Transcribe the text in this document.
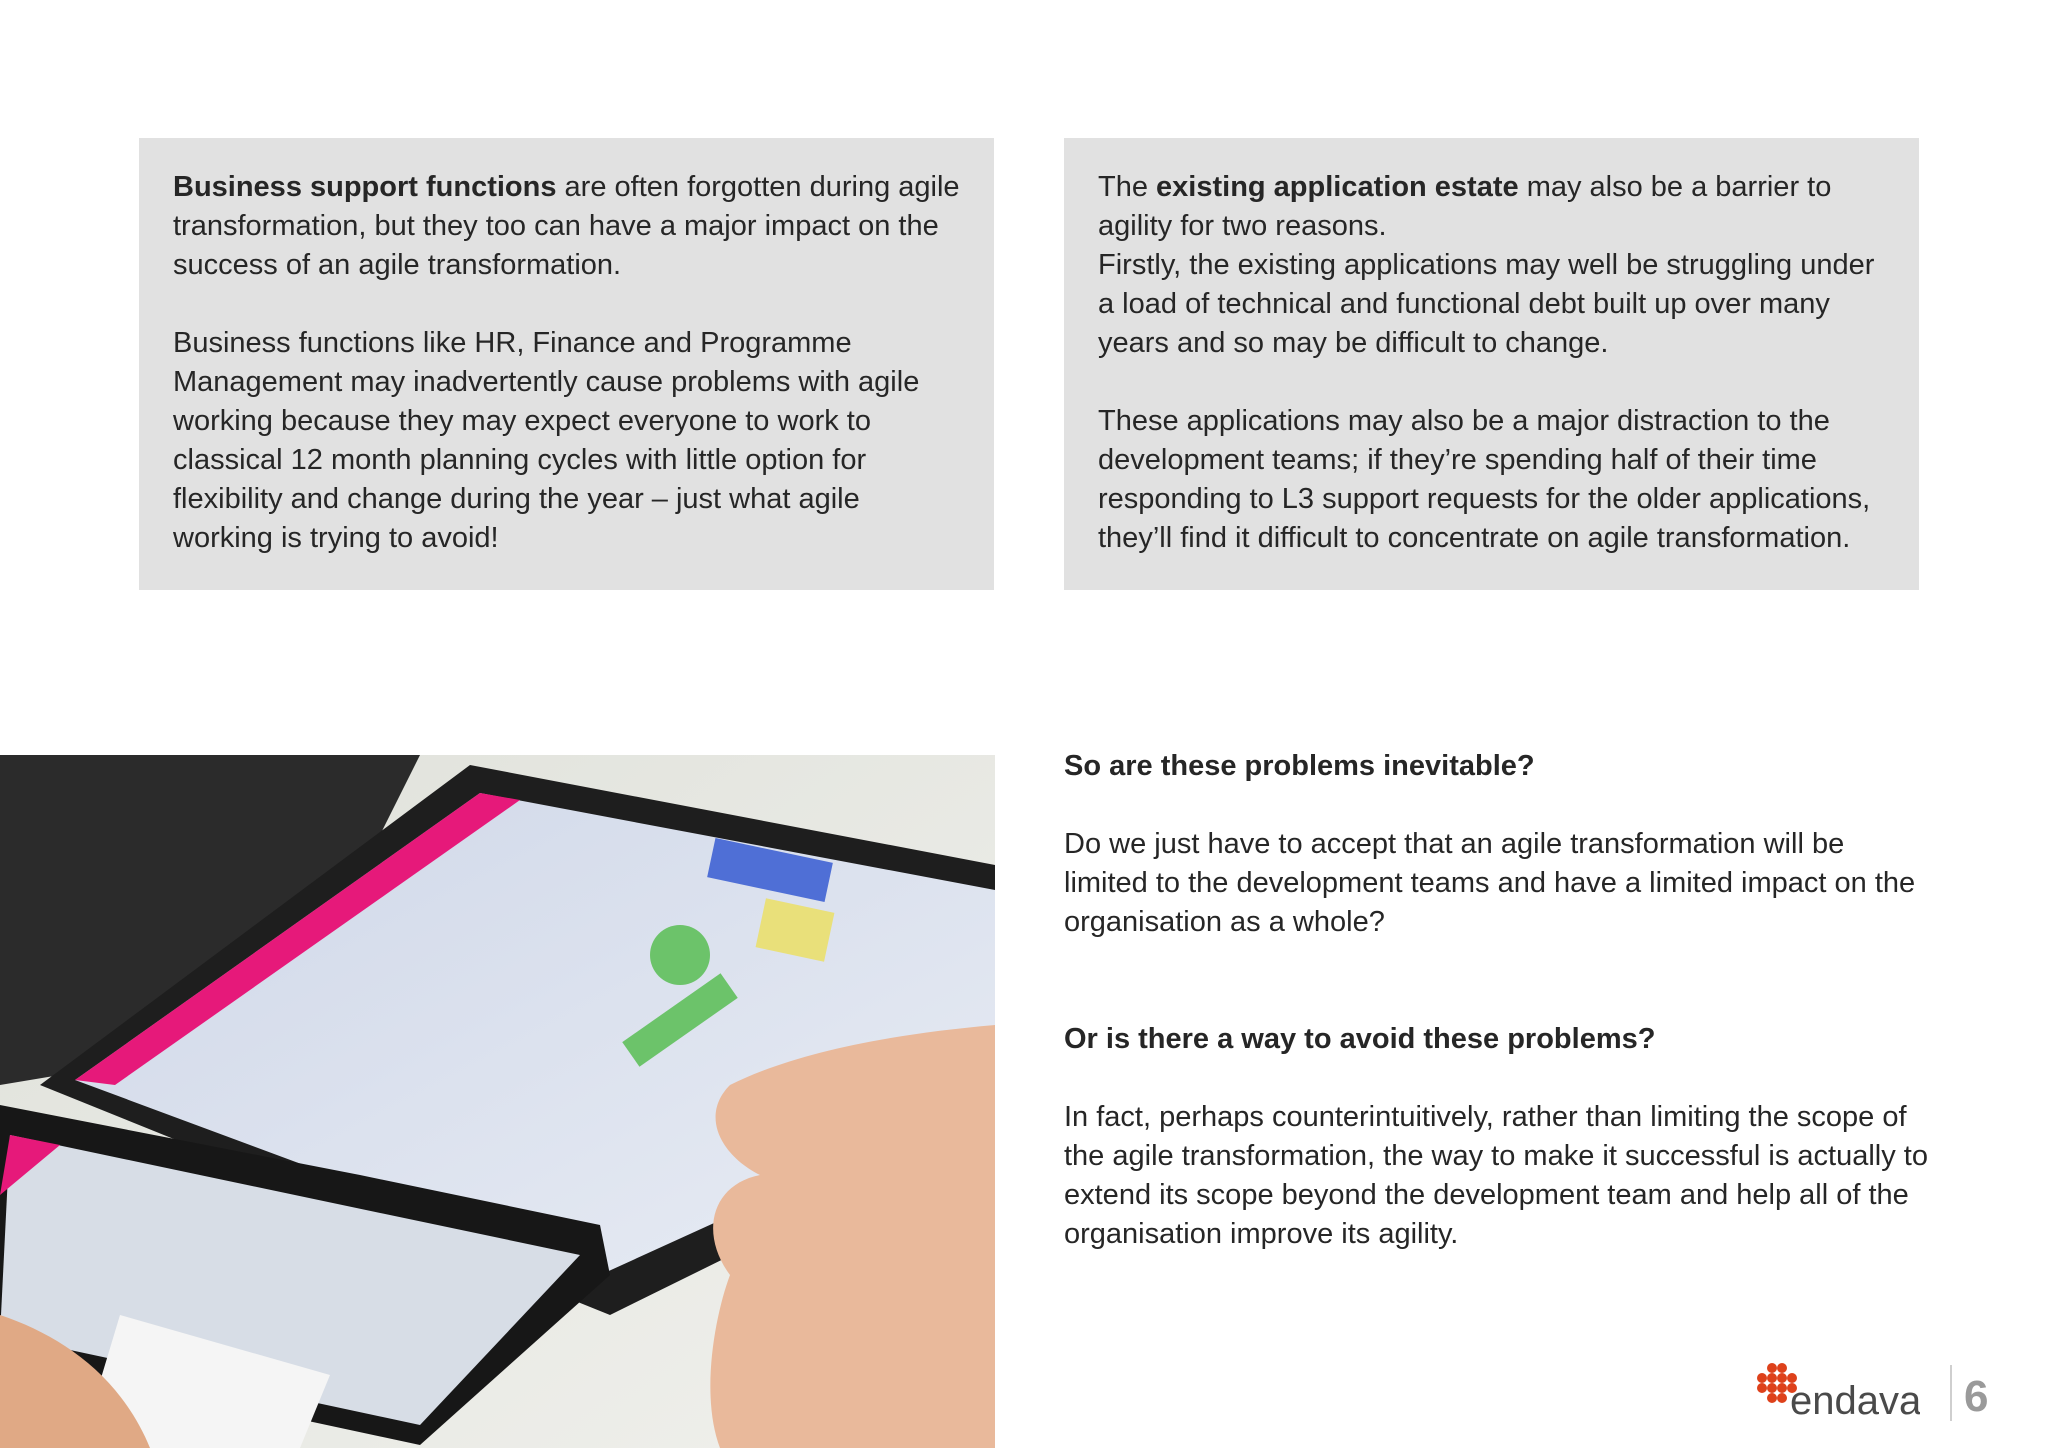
Business support functions are often forgotten during agile transformation, but they too can have a major impact on the success of an agile transformation.

Business functions like HR, Finance and Programme Management may inadvertently cause problems with agile working because they may expect everyone to work to classical 12 month planning cycles with little option for flexibility and change during the year – just what agile working is trying to avoid!

The existing application estate may also be a barrier to agility for two reasons.

Firstly, the existing applications may well be struggling under a load of technical and functional debt built up over many years and so may be difficult to change.

These applications may also be a major distraction to the development teams; if they’re spending half of their time responding to L3 support requests for the older applications, they’ll find it difficult to concentrate on agile transformation.

So are these problems inevitable?

Do we just have to accept that an agile transformation will be limited to the development teams and have a limited impact on the organisation as a whole?

Or is there a way to avoid these problems?

In fact, perhaps counterintuitively, rather than limiting the scope of the agile transformation, the way to make it successful is actually to extend its scope beyond the development team and help all of the organisation improve its agility.

endava 6
